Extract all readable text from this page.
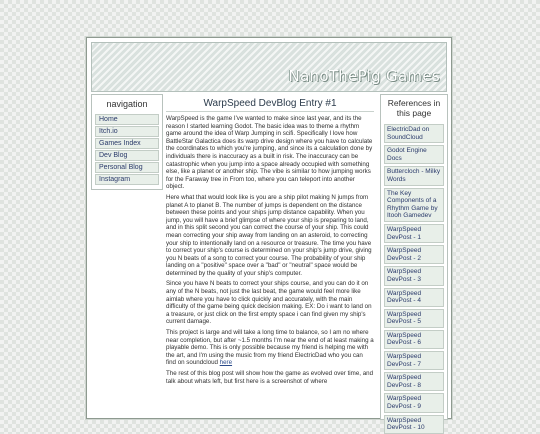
NanoThePig Games
navigation
Home
Itch.io
Games Index
Dev Blog
Personal Blog
Instagram
WarpSpeed DevBlog Entry #1

WarpSpeed is the game I've wanted to make since last year, and its the reason I started learning Godot. The basic idea was to theme a rhythm game around the idea of Warp Jumping in scifi. Specifically I love how BattleStar Galactica does its warp drive design where you have to calculate the coordinates to which you're jumping, and since its a calculation done by individuals there is inaccuracy as a built in risk. The inaccuracy can be catastrophic when you jump into a space already occupied with something else, like a planet or another ship. The vibe is similar to how jumping works for the Faraway tree in From too, where you can teleport into another object.

Here what that would look like is you are a ship pilot making N jumps from planet A to planet B. The number of jumps is dependent on the distance between these points and your ships jump distance capability. When you jump, you will have a brief glimpse of where your ship is preparing to land, and in this split second you can correct the course of your ship. This could mean correcting your ship away from landing on an asteroid, to correcting your ship to intentionally land on a resource or treasure. The time you have to correct your ship's course is determined on your ship's jump drive, giving you N beats of a song to correct your course. The probability of your ship landing on a "positive" space over a "bad" or "neutral" space would be determined by the quality of your ship's computer.

Since you have N beats to correct your ships course, and you can do it on any of the N beats, not just the last beat, the game would feel more like aimlab where you have to click quickly and accurately, with the main difficulty of the game being quick decision making. EX: Do i want to land on a treasure, or just click on the first empty space i can find given my ship's current damage.

This project is large and will take a long time to balance, so I am no where near completion, but after ~1.5 months I'm near the end of at least making a playable demo. This is only possible because my friend is helping me with the art, and I'm using the music from my friend ElectricDad who you can find on soundcloud here

The rest of this blog post will show how the game as evolved over time, and talk about whats left, but first here is a screenshot of where

References in this page
ElectricDad on SoundCloud
Godot Engine Docs
Buttercloch - Milky Words
The Key Components of a Rhythm Game by Itooh Gamedev
WarpSpeed DevPost - 1
WarpSpeed DevPost - 2
WarpSpeed DevPost - 3
WarpSpeed DevPost - 4
WarpSpeed DevPost - 5
WarpSpeed DevPost - 6
WarpSpeed DevPost - 7
WarpSpeed DevPost - 8
WarpSpeed DevPost - 9
WarpSpeed DevPost - 10
